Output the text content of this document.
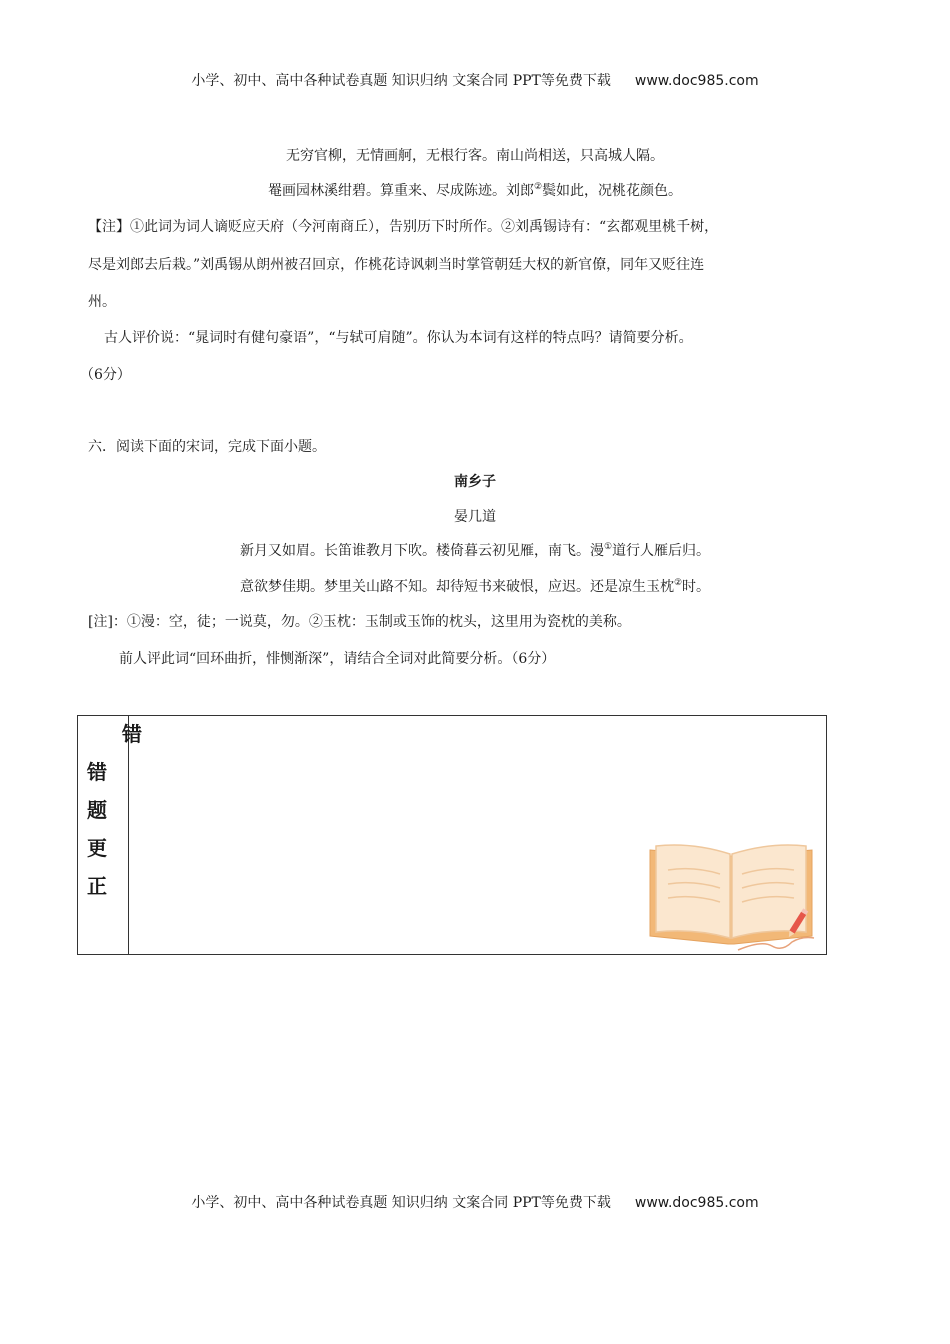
小学、初中、高中各种试卷真题 知识归纳 文案合同 PPT等免费下载 www.doc985.com
无穷官柳，无情画舸，无根行客。南山尚相送，只高城人隔。
罨画园林溪绀碧。算重来、尽成陈迹。刘郎②鬓如此，况桃花颜色。
【注】①此词为词人谪贬应天府（今河南商丘），告别历下时所作。②刘禹锡诗有：“玄都观里桃千树，
尽是刘郎去后栽。”刘禹锡从朗州被召回京，作桃花诗讽刺当时掌管朝廷大权的新官僚，同年又贬往连
州。
古人评价说：“晁词时有健句豪语”，“与轼可肩随”。你认为本词有这样的特点吗？请简要分析。
（6分）
六．阅读下面的宋词，完成下面小题。
南乡子
晏几道
新月又如眉。长笛谁教月下吹。楼倚暮云初见雁，南飞。漫①道行人雁后归。
意欲梦佳期。梦里关山路不知。却待短书来破恨，应迟。还是凉生玉枕②时。
[注]：①漫：空，徒；一说莫，勿。②玉枕：玉制或玉饰的枕头，这里用为瓷枕的美称。
前人评此词“回环曲折，悱恻渐深”，请结合全词对此简要分析。（6分）
错
错
题
更
正
小学、初中、高中各种试卷真题 知识归纳 文案合同 PPT等免费下载 www.doc985.com
